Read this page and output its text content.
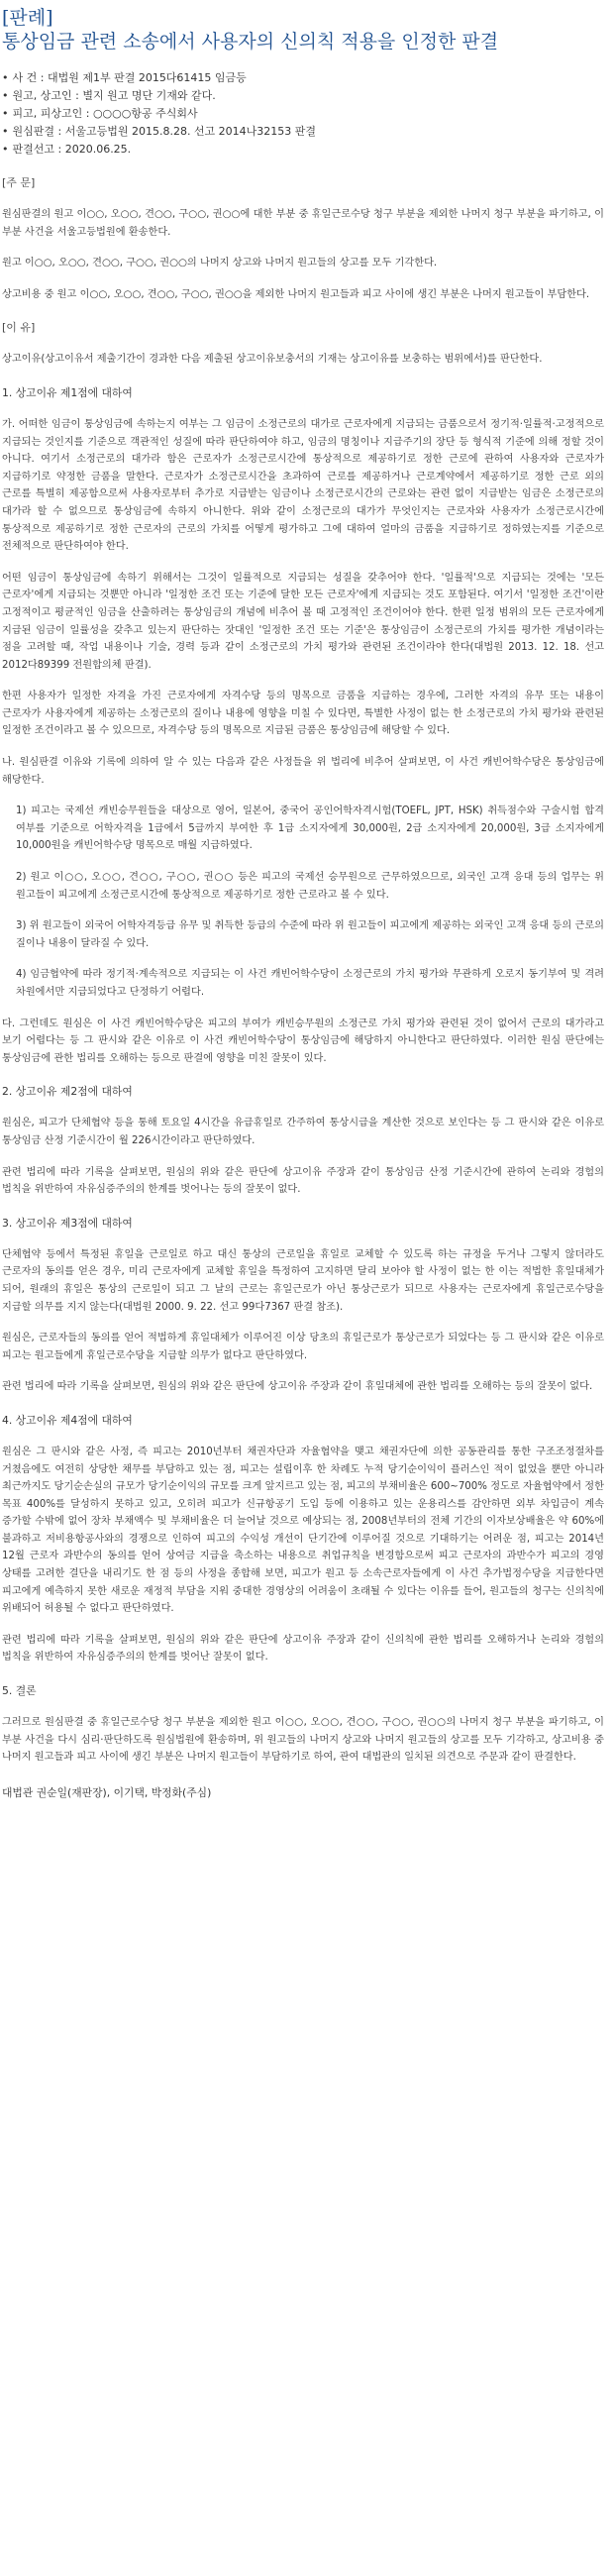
[판례]
통상임금 관련 소송에서 사용자의 신의칙 적용을 인정한 판결
• 사 건 : 대법원 제1부 판결 2015다61415 임금등
• 원고, 상고인 : 별지 원고 명단 기재와 같다.
• 피고, 피상고인 : ○○○○항공 주식회사
• 원심판결 : 서울고등법원 2015.8.28. 선고 2014나32153 판결
• 판결선고 : 2020.06.25.
[주 문]

원심판결의 원고 이○○, 오○○, 견○○, 구○○, 권○○에 대한 부분 중 휴일근로수당 청구 부분을 제외한 나머지 청구 부분을 파기하고, 이 부분 사건을 서울고등법원에 환송한다.

원고 이○○, 오○○, 견○○, 구○○, 권○○의 나머지 상고와 나머지 원고들의 상고를 모두 기각한다.

상고비용 중 원고 이○○, 오○○, 견○○, 구○○, 권○○을 제외한 나머지 원고들과 피고 사이에 생긴 부분은 나머지 원고들이 부담한다.

[이 유]

상고이유(상고이유서 제출기간이 경과한 다음 제출된 상고이유보충서의 기재는 상고이유를 보충하는 범위에서)를 판단한다.

1. 상고이유 제1점에 대하여

가. 어떠한 임금이 통상임금에 속하는지 여부는 그 임금이 소정근로의 대가로 근로자에게 지급되는 금품으로서 정기적·일률적·고정적으로 지급되는 것인지를 기준으로 객관적인 성질에 따라 판단하여야 하고, 임금의 명칭이나 지급주기의 장단 등 형식적 기준에 의해 정할 것이 아니다. 여기서 소정근로의 대가라 함은 근로자가 소정근로시간에 통상적으로 제공하기로 정한 근로에 관하여 사용자와 근로자가 지급하기로 약정한 금품을 말한다. 근로자가 소정근로시간을 초과하여 근로를 제공하거나 근로계약에서 제공하기로 정한 근로 외의 근로를 특별히 제공함으로써 사용자로부터 추가로 지급받는 임금이나 소정근로시간의 근로와는 관련 없이 지급받는 임금은 소정근로의 대가라 할 수 없으므로 통상임금에 속하지 아니한다. 위와 같이 소정근로의 대가가 무엇인지는 근로자와 사용자가 소정근로시간에 통상적으로 제공하기로 정한 근로자의 근로의 가치를 어떻게 평가하고 그에 대하여 얼마의 금품을 지급하기로 정하였는지를 기준으로 전체적으로 판단하여야 한다.

어떤 임금이 통상임금에 속하기 위해서는 그것이 일률적으로 지급되는 성질을 갖추어야 한다. '일률적'으로 지급되는 것에는 '모든 근로자'에게 지급되는 것뿐만 아니라 '일정한 조건 또는 기준에 달한 모든 근로자'에게 지급되는 것도 포함된다. 여기서 '일정한 조건'이란 고정적이고 평균적인 임금을 산출하려는 통상임금의 개념에 비추어 볼 때 고정적인 조건이어야 한다. 한편 일정 범위의 모든 근로자에게 지급된 임금이 일률성을 갖추고 있는지 판단하는 잣대인 '일정한 조건 또는 기준'은 통상임금이 소정근로의 가치를 평가한 개념이라는 점을 고려할 때, 작업 내용이나 기술, 경력 등과 같이 소정근로의 가치 평가와 관련된 조건이라야 한다(대법원 2013. 12. 18. 선고 2012다89399 전원합의체 판결).

한편 사용자가 일정한 자격을 가진 근로자에게 자격수당 등의 명목으로 금품을 지급하는 경우에, 그러한 자격의 유무 또는 내용이 근로자가 사용자에게 제공하는 소정근로의 질이나 내용에 영향을 미칠 수 있다면, 특별한 사정이 없는 한 소정근로의 가치 평가와 관련된 일정한 조건이라고 볼 수 있으므로, 자격수당 등의 명목으로 지급된 금품은 통상임금에 해당할 수 있다.

나. 원심판결 이유와 기록에 의하여 알 수 있는 다음과 같은 사정들을 위 법리에 비추어 살펴보면, 이 사건 캐빈어학수당은 통상임금에 해당한다.

1) 피고는 국제선 캐빈승무원들을 대상으로 영어, 일본어, 중국어 공인어학자격시험(TOEFL, JPT, HSK) 취득점수와 구술시험 합격 여부를 기준으로 어학자격을 1급에서 5급까지 부여한 후 1급 소지자에게 30,000원, 2급 소지자에게 20,000원, 3급 소지자에게 10,000원을 캐빈어학수당 명목으로 매월 지급하였다.

2) 원고 이○○, 오○○, 견○○, 구○○, 권○○ 등은 피고의 국제선 승무원으로 근무하였으므로, 외국인 고객 응대 등의 업무는 위 원고들이 피고에게 소정근로시간에 통상적으로 제공하기로 정한 근로라고 볼 수 있다.

3) 위 원고들이 외국어 어학자격등급 유무 및 취득한 등급의 수준에 따라 위 원고들이 피고에게 제공하는 외국인 고객 응대 등의 근로의 질이나 내용이 달라질 수 있다.

4) 임금협약에 따라 정기적·계속적으로 지급되는 이 사건 캐빈어학수당이 소정근로의 가치 평가와 무관하게 오로지 동기부여 및 격려 차원에서만 지급되었다고 단정하기 어렵다.

다. 그런데도 원심은 이 사건 캐빈어학수당은 피고의 부여가 캐빈승무원의 소정근로 가치 평가와 관련된 것이 없어서 근로의 대가라고 보기 어렵다는 등 그 판시와 같은 이유로 이 사건 캐빈어학수당이 통상임금에 해당하지 아니한다고 판단하였다. 이러한 원심 판단에는 통상임금에 관한 법리를 오해하는 등으로 판결에 영향을 미친 잘못이 있다.

2. 상고이유 제2점에 대하여

원심은, 피고가 단체협약 등을 통해 토요일 4시간을 유급휴일로 간주하여 통상시급을 계산한 것으로 보인다는 등 그 판시와 같은 이유로 통상임금 산정 기준시간이 월 226시간이라고 판단하였다.

관련 법리에 따라 기록을 살펴보면, 원심의 위와 같은 판단에 상고이유 주장과 같이 통상임금 산정 기준시간에 관하여 논리와 경험의 법칙을 위반하여 자유심증주의의 한계를 벗어나는 등의 잘못이 없다.

3. 상고이유 제3점에 대하여

단체협약 등에서 특정된 휴일을 근로일로 하고 대신 통상의 근로일을 휴일로 교체할 수 있도록 하는 규정을 두거나 그렇지 않더라도 근로자의 동의를 얻은 경우, 미리 근로자에게 교체할 휴일을 특정하여 고지하면 달리 보아야 할 사정이 없는 한 이는 적법한 휴일대체가 되어, 원래의 휴일은 통상의 근로일이 되고 그 날의 근로는 휴일근로가 아닌 통상근로가 되므로 사용자는 근로자에게 휴일근로수당을 지급할 의무를 지지 않는다(대법원 2000. 9. 22. 선고 99다7367 판결 참조).

원심은, 근로자들의 동의를 얻어 적법하게 휴일대체가 이루어진 이상 당초의 휴일근로가 통상근로가 되었다는 등 그 판시와 같은 이유로 피고는 원고들에게 휴일근로수당을 지급할 의무가 없다고 판단하였다.

관련 법리에 따라 기록을 살펴보면, 원심의 위와 같은 판단에 상고이유 주장과 같이 휴일대체에 관한 법리를 오해하는 등의 잘못이 없다.

4. 상고이유 제4점에 대하여

원심은 그 판시와 같은 사정, 즉 피고는 2010년부터 채권자단과 자율협약을 맺고 채권자단에 의한 공동관리를 통한 구조조정절차를 거쳤음에도 여전히 상당한 채무를 부담하고 있는 점, 피고는 설립이후 한 차례도 누적 당기순이익이 플러스인 적이 없었을 뿐만 아니라 최근까지도 당기순손실의 규모가 당기순이익의 규모를 크게 앞지르고 있는 점, 피고의 부채비율은 600~700% 정도로 자율협약에서 정한 목표 400%를 달성하지 못하고 있고, 오히려 피고가 신규항공기 도입 등에 이용하고 있는 운용리스를 감안하면 외부 차입금이 계속 증가할 수밖에 없어 장차 부채액수 및 부채비율은 더 늘어날 것으로 예상되는 점, 2008년부터의 전체 기간의 이자보상배율은 약 60%에 불과하고 저비용항공사와의 경쟁으로 인하여 피고의 수익성 개선이 단기간에 이루어질 것으로 기대하기는 어려운 점, 피고는 2014년 12월 근로자 과반수의 동의를 얻어 상여금 지급을 축소하는 내용으로 취업규칙을 변경함으로써 피고 근로자의 과반수가 피고의 경영 상태를 고려한 결단을 내리기도 한 점 등의 사정을 종합해 보면, 피고가 원고 등 소속근로자들에게 이 사건 추가법정수당을 지급한다면 피고에게 예측하지 못한 새로운 재정적 부담을 지워 중대한 경영상의 어려움이 초래될 수 있다는 이유를 들어, 원고들의 청구는 신의칙에 위배되어 허용될 수 없다고 판단하였다.

관련 법리에 따라 기록을 살펴보면, 원심의 위와 같은 판단에 상고이유 주장과 같이 신의칙에 관한 법리를 오해하거나 논리와 경험의 법칙을 위반하여 자유심증주의의 한계를 벗어난 잘못이 없다.

5. 결론

그러므로 원심판결 중 휴일근로수당 청구 부분을 제외한 원고 이○○, 오○○, 견○○, 구○○, 권○○의 나머지 청구 부분을 파기하고, 이 부분 사건을 다시 심리·판단하도록 원심법원에 환송하며, 위 원고들의 나머지 상고와 나머지 원고들의 상고를 모두 기각하고, 상고비용 중 나머지 원고들과 피고 사이에 생긴 부분은 나머지 원고들이 부담하기로 하여, 관여 대법관의 일치된 의견으로 주문과 같이 판결한다.

대법관 권순일(재판장), 이기택, 박정화(주심)
